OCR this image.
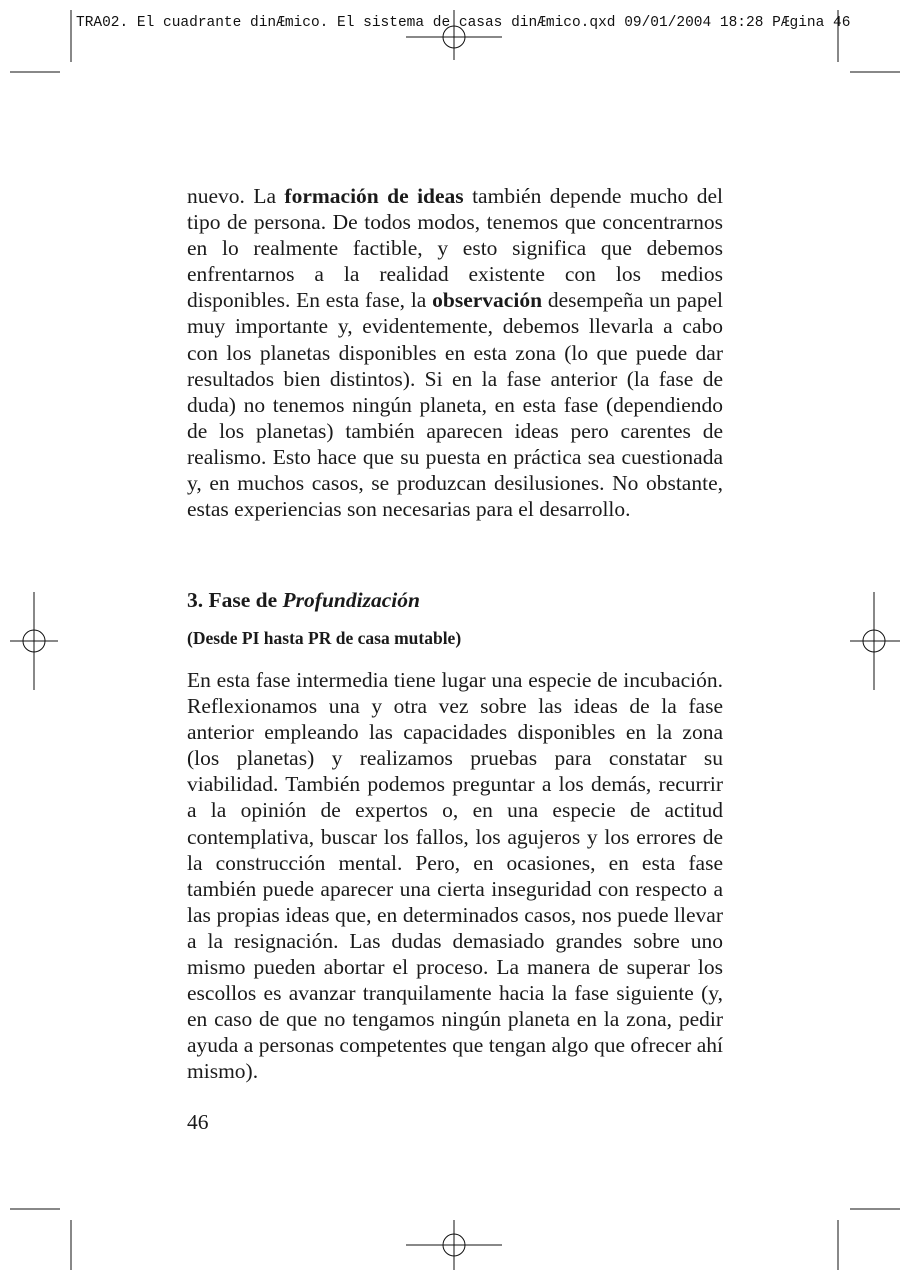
TRA02. El cuadrante dinÆmico. El sistema de casas dinÆmico.qxd 09/01/2004 18:28 PÆgina 46

nuevo. La formación de ideas también depende mucho del tipo de persona. De todos modos, tenemos que concentrarnos en lo realmente factible, y esto significa que debemos enfrentarnos a la realidad existente con los medios disponibles. En esta fase, la observación desempeña un papel muy importante y, evidentemente, debemos llevarla a cabo con los planetas disponibles en esta zona (lo que puede dar resultados bien distintos). Si en la fase anterior (la fase de duda) no tenemos ningún planeta, en esta fase (dependiendo de los planetas) también aparecen ideas pero carentes de realismo. Esto hace que su puesta en práctica sea cuestionada y, en muchos casos, se produzcan desilusiones. No obstante, estas experiencias son necesarias para el desarrollo.

3. Fase de Profundización
(Desde PI hasta PR de casa mutable)

En esta fase intermedia tiene lugar una especie de incubación. Reflexionamos una y otra vez sobre las ideas de la fase anterior empleando las capacidades disponibles en la zona (los planetas) y realizamos pruebas para constatar su viabilidad. También podemos preguntar a los demás, recurrir a la opinión de expertos o, en una especie de actitud contemplativa, buscar los fallos, los agujeros y los errores de la construcción mental. Pero, en ocasiones, en esta fase también puede aparecer una cierta inseguridad con respecto a las propias ideas que, en determinados casos, nos puede llevar a la resignación. Las dudas demasiado grandes sobre uno mismo pueden abortar el proceso. La manera de superar los escollos es avanzar tranquilamente hacia la fase siguiente (y, en caso de que no tengamos ningún planeta en la zona, pedir ayuda a personas competentes que tengan algo que ofrecer ahí mismo).

46
